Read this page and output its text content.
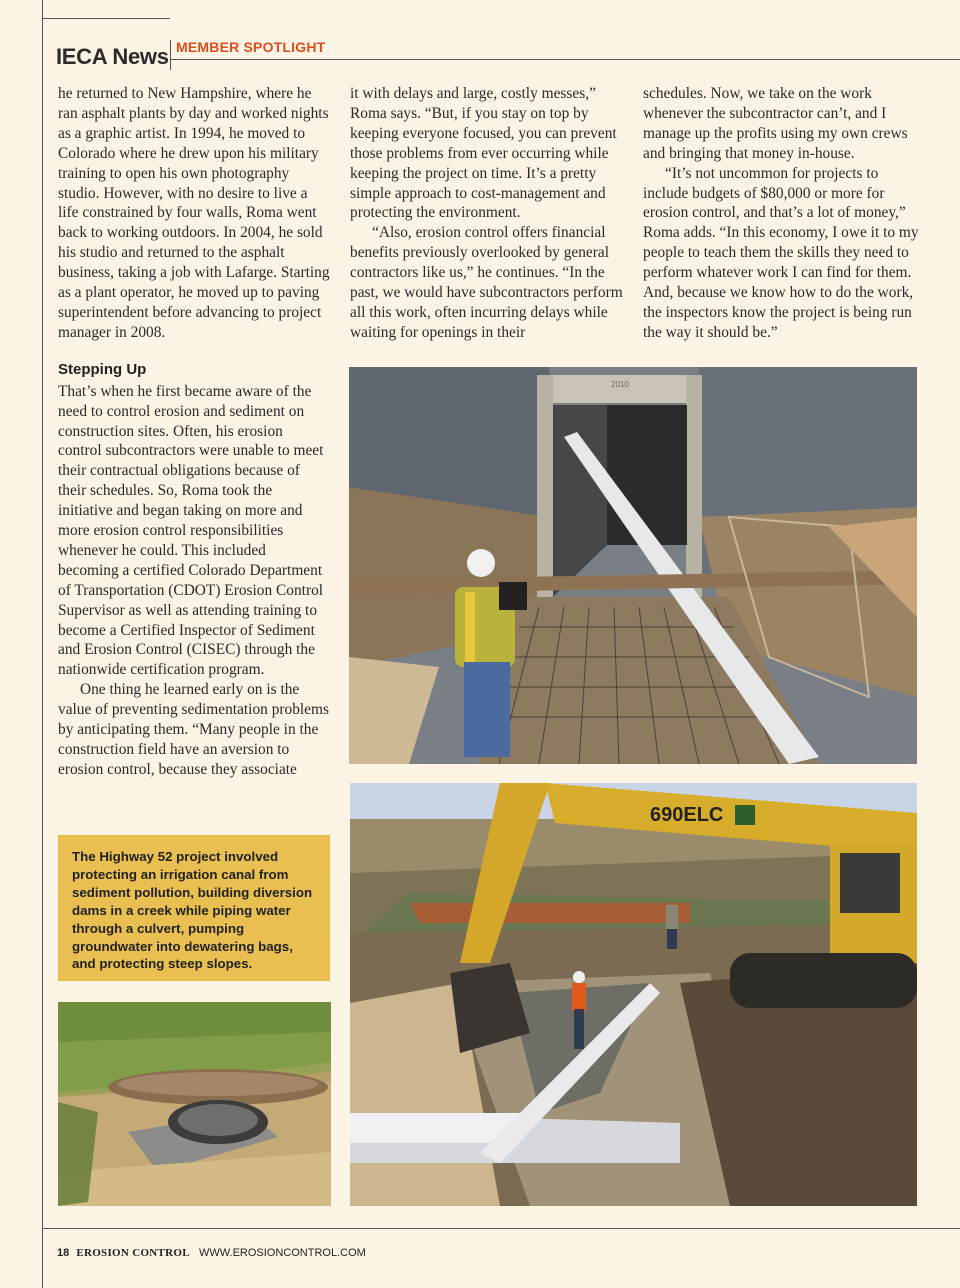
IECA News MEMBER SPOTLIGHT

he returned to New Hampshire, where he ran asphalt plants by day and worked nights as a graphic artist. In 1994, he moved to Colorado where he drew upon his military training to open his own photography studio. However, with no desire to live a life constrained by four walls, Roma went back to working outdoors. In 2004, he sold his studio and returned to the asphalt business, taking a job with Lafarge. Starting as a plant operator, he moved up to paving superintendent before advancing to project manager in 2008.

Stepping Up

That’s when he first became aware of the need to control erosion and sediment on construction sites. Often, his erosion control subcontractors were unable to meet their contractual obligations because of their schedules. So, Roma took the initiative and began taking on more and more erosion control responsibilities whenever he could. This included becoming a certified Colorado Department of Transportation (CDOT) Erosion Control Supervisor as well as attending training to become a Certified Inspector of Sediment and Erosion Control (CISEC) through the nationwide certification program.

One thing he learned early on is the value of preventing sedimentation problems by anticipating them. “Many people in the construction field have an aversion to erosion control, because they associate

it with delays and large, costly messes,” Roma says. “But, if you stay on top by keeping everyone focused, you can prevent those problems from ever occurring while keeping the project on time. It’s a pretty simple approach to cost-management and protecting the environment.

“Also, erosion control offers financial benefits previously overlooked by general contractors like us,” he continues. “In the past, we would have subcontractors perform all this work, often incurring delays while waiting for openings in their

schedules. Now, we take on the work whenever the subcontractor can’t, and I manage up the profits using my own crews and bringing that money in-house.

“It’s not uncommon for projects to include budgets of $80,000 or more for erosion control, and that’s a lot of money,” Roma adds. “In this economy, I owe it to my people to teach them the skills they need to perform whatever work I can find for them. And, because we know how to do the work, the inspectors know the project is being run the way it should be.”

The Highway 52 project involved protecting an irrigation canal from sediment pollution, building diversion dams in a creek while piping water through a culvert, pumping groundwater into dewatering bags, and protecting steep slopes.
2010
690ELC
18 EROSION CONTROL WWW.EROSIONCONTROL.COM
